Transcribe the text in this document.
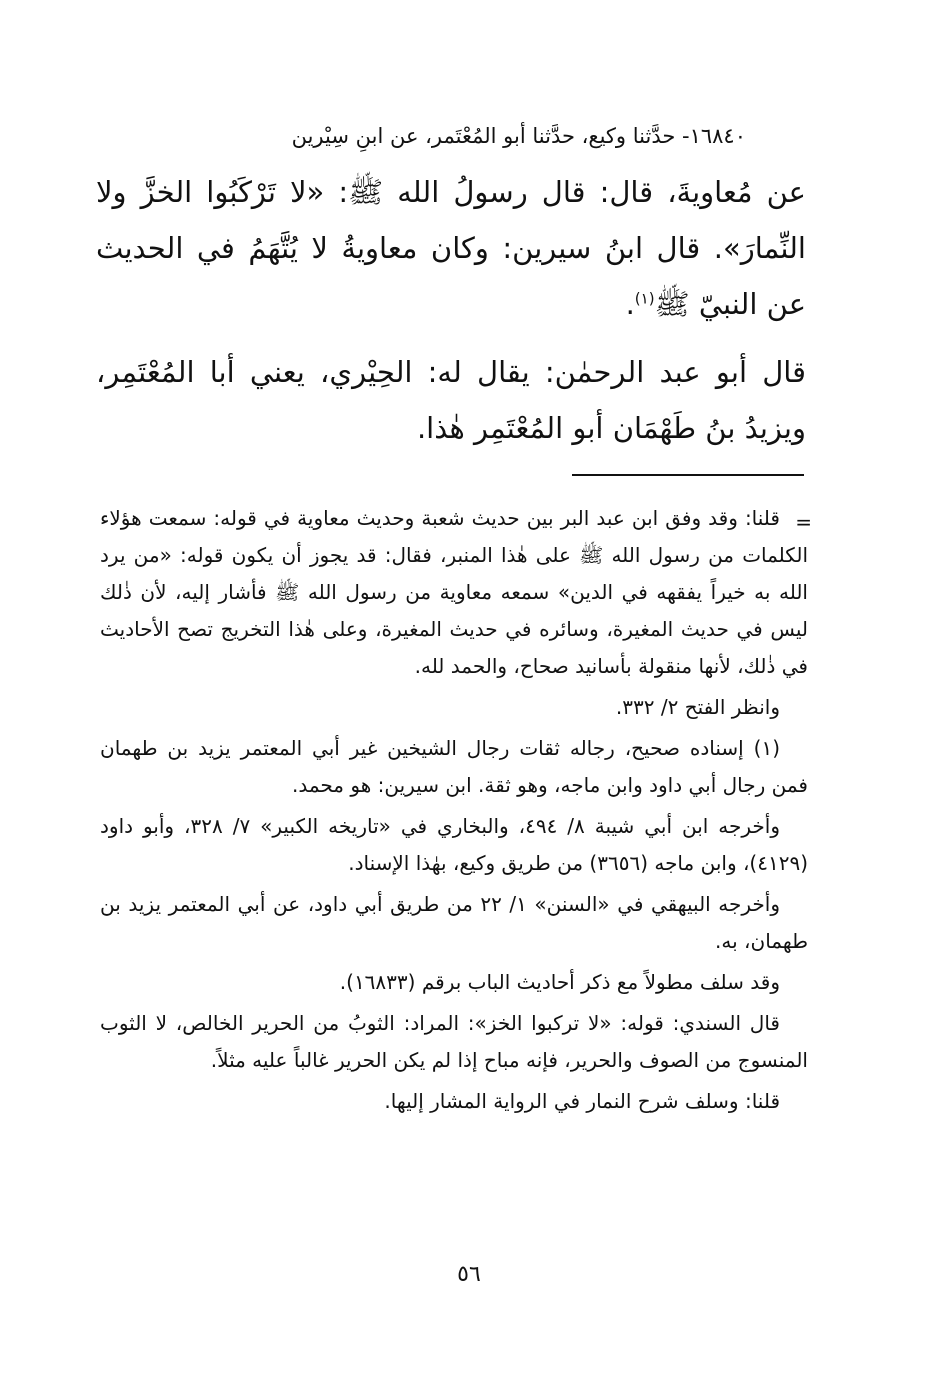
١٦٨٤٠- حدَّثنا وكيع، حدَّثنا أبو المُعْتَمر، عن ابنِ سِيْرين

عن مُعاويةَ، قال: قال رسولُ الله ﷺ: «لا تَرْكَبُوا الخزَّ ولا النِّمارَ». قال ابنُ سيرين: وكان معاويةُ لا يُتَّهَمُ في الحديث عن النبيّ ﷺ$^{(١)}$.

قال أبو عبد الرحمٰن: يقال له: الحِيْري، يعني أبا المُعْتَمِر، ويزيدُ بنُ طَهْمَان أبو المُعْتَمِر هٰذا.

=
قلنا: وقد وفق ابن عبد البر بين حديث شعبة وحديث معاوية في قوله: سمعت هؤلاء الكلمات من رسول الله ﷺ على هٰذا المنبر، فقال: قد يجوز أن يكون قوله: «من يرد الله به خيراً يفقهه في الدين» سمعه معاوية من رسول الله ﷺ فأشار إليه، لأن ذٰلك ليس في حديث المغيرة، وسائره في حديث المغيرة، وعلى هٰذا التخريج تصح الأحاديث في ذٰلك، لأنها منقولة بأسانيد صحاح، والحمد لله.

وانظر الفتح ٢/ ٣٣٢.

(١) إسناده صحيح، رجاله ثقات رجال الشيخين غير أبي المعتمر يزيد بن طهمان فمن رجال أبي داود وابن ماجه، وهو ثقة. ابن سيرين: هو محمد.

وأخرجه ابن أبي شيبة ٨/ ٤٩٤، والبخاري في «تاريخه الكبير» ٧/ ٣٢٨، وأبو داود (٤١٢٩)، وابن ماجه (٣٦٥٦) من طريق وكيع، بهٰذا الإسناد.

وأخرجه البيهقي في «السنن» ١/ ٢٢ من طريق أبي داود، عن أبي المعتمر يزيد بن طهمان، به.

وقد سلف مطولاً مع ذكر أحاديث الباب برقم (١٦٨٣٣).

قال السندي: قوله: «لا تركبوا الخز»: المراد: الثوبُ من الحرير الخالص، لا الثوب المنسوج من الصوف والحرير، فإنه مباح إذا لم يكن الحرير غالباً عليه مثلاً.

قلنا: وسلف شرح النمار في الرواية المشار إليها.

٥٦
